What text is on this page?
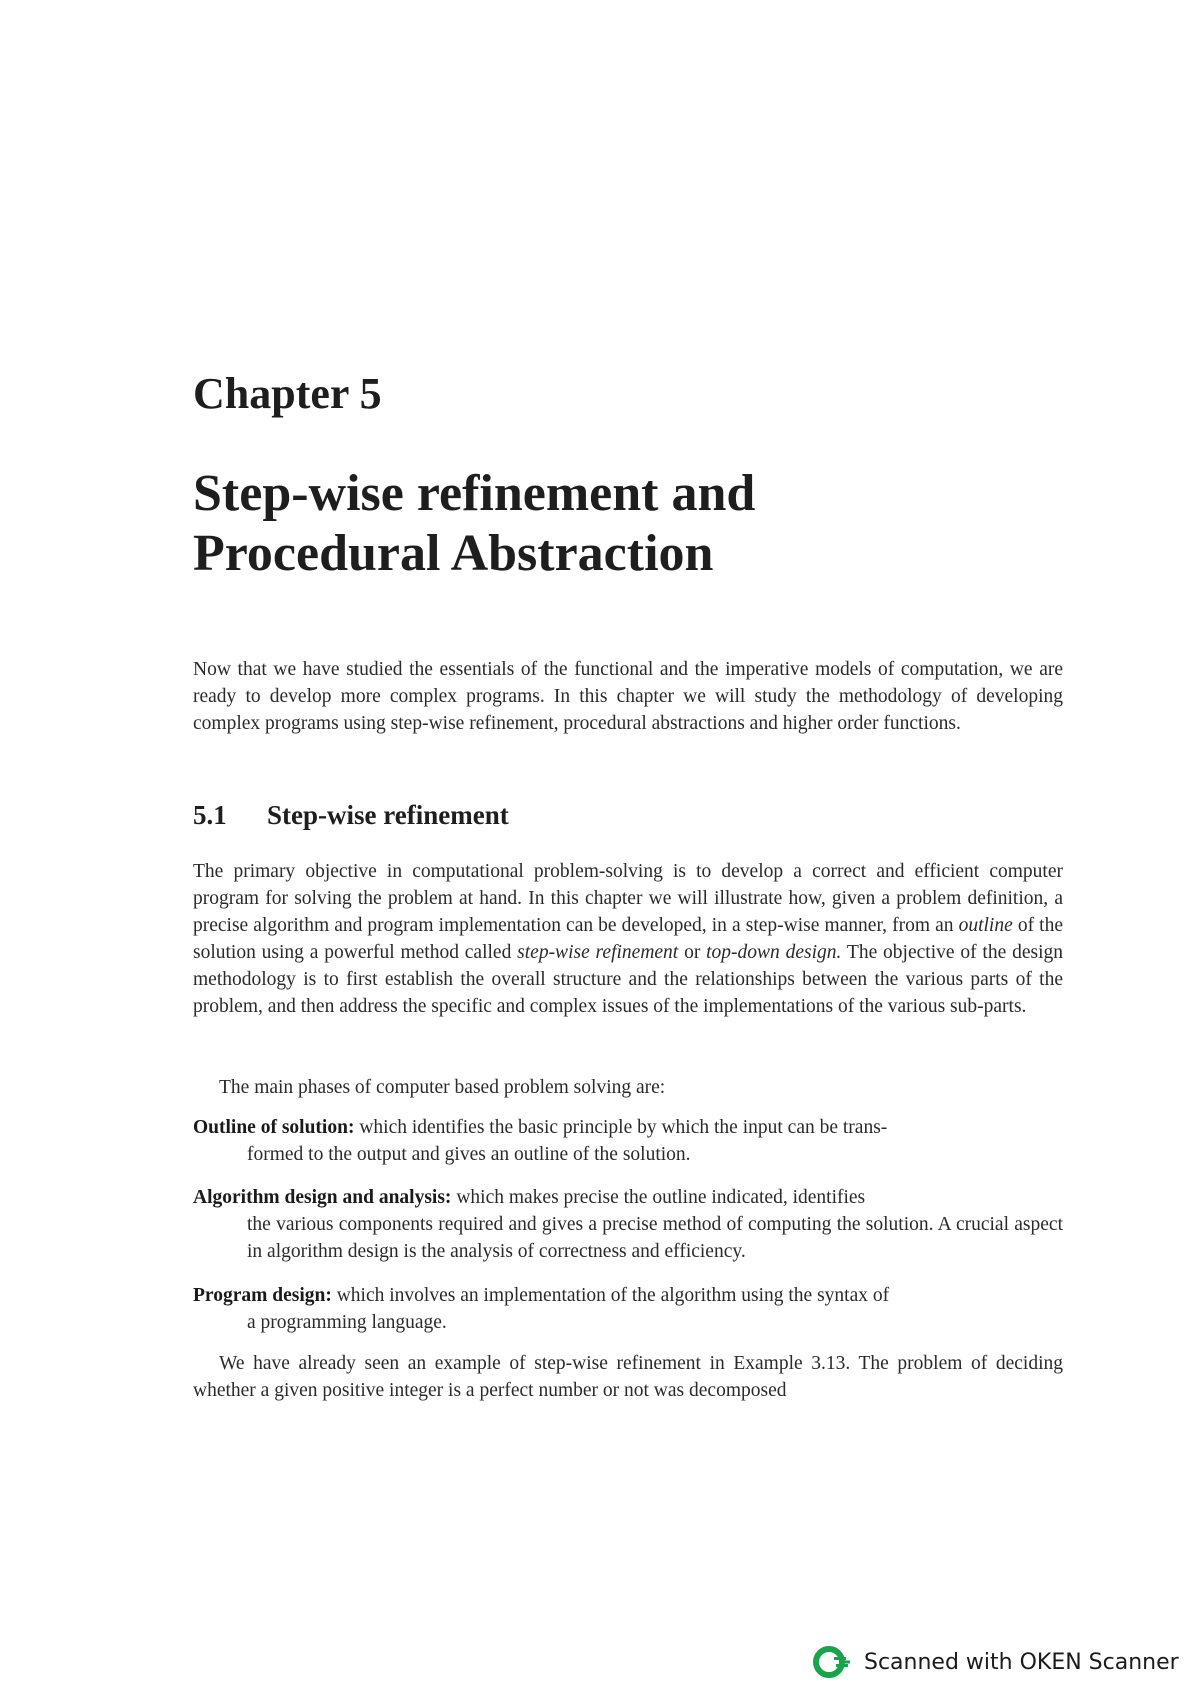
Chapter 5
Step-wise refinement and
Procedural Abstraction

Now that we have studied the essentials of the functional and the imperative models of computation, we are ready to develop more complex programs. In this chapter we will study the methodology of developing complex programs using step-wise refinement, procedural abstractions and higher order functions.

5.1 Step-wise refinement

The primary objective in computational problem-solving is to develop a correct and efficient computer program for solving the problem at hand. In this chapter we will illustrate how, given a problem definition, a precise algorithm and program implementation can be developed, in a step-wise manner, from an outline of the solution using a powerful method called step-wise refinement or top-down design. The objective of the design methodology is to first establish the overall structure and the relationships between the various parts of the problem, and then address the specific and complex issues of the implementations of the various sub-parts.

The main phases of computer based problem solving are:

Outline of solution: which identifies the basic principle by which the input can be trans-
formed to the output and gives an outline of the solution.
Algorithm design and analysis: which makes precise the outline indicated, identifies
the various components required and gives a precise method of computing the solution. A crucial aspect in algorithm design is the analysis of correctness and efficiency.
Program design: which involves an implementation of the algorithm using the syntax of
a programming language.

We have already seen an example of step-wise refinement in Example 3.13. The problem of deciding whether a given positive integer is a perfect number or not was decomposed

Scanned with OKEN Scanner
